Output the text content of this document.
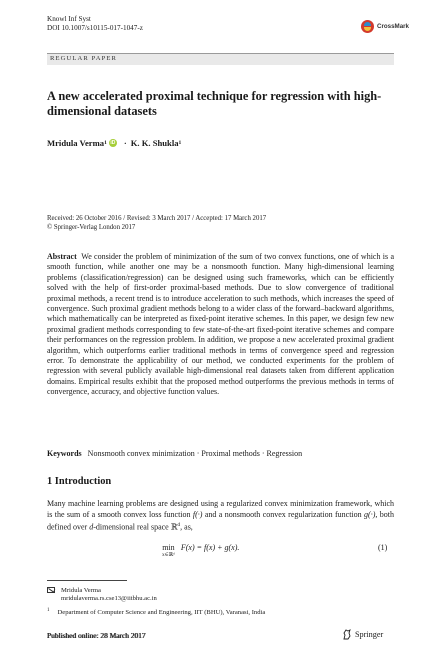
Knowl Inf Syst
DOI 10.1007/s10115-017-1047-z	CrossMark
REGULAR PAPER
A new accelerated proximal technique for regression with high-dimensional datasets
Mridula Verma 1 iD · K. K. Shukla 1
Received: 26 October 2016 / Revised: 3 March 2017 / Accepted: 17 March 2017
© Springer-Verlag London 2017
Abstract We consider the problem of minimization of the sum of two convex functions, one of which is a smooth function, while another one may be a nonsmooth function. Many high-dimensional learning problems (classification/regression) can be designed using such frameworks, which can be efficiently solved with the help of first-order proximal-based methods. Due to slow convergence of traditional proximal methods, a recent trend is to introduce acceleration to such methods, which increases the speed of convergence. Such proximal gradient methods belong to a wider class of the forward–backward algorithms, which mathematically can be interpreted as fixed-point iterative schemes. In this paper, we design few new proximal gradient methods corresponding to few state-of-the-art fixed-point iterative schemes and compare their performances on the regression problem. In addition, we propose a new accelerated proximal gradient algorithm, which outperforms earlier traditional methods in terms of convergence speed and regression error. To demonstrate the applicability of our method, we conducted experiments for the problem of regression with several publicly available high-dimensional real datasets taken from different application domains. Empirical results exhibit that the proposed method outperforms the previous methods in terms of convergence, accuracy, and objective function values.
Keywords Nonsmooth convex minimization · Proximal methods · Regression
1 Introduction
Many machine learning problems are designed using a regularized convex minimization framework, which is the sum of a smooth convex loss function f(·) and a nonsmooth convex regularization function g(·), both defined over d-dimensional real space ℝ$^d$, as,
min
x∈ℝᵈ
F(x) = f(x) + g(x).	(1)
Mridula Verma
mridulaverma.rs.cse13@iitbhu.ac.in
$^1$ Department of Computer Science and Engineering, IIT (BHU), Varanasi, India
Published online: 28 March 2017	Springer
